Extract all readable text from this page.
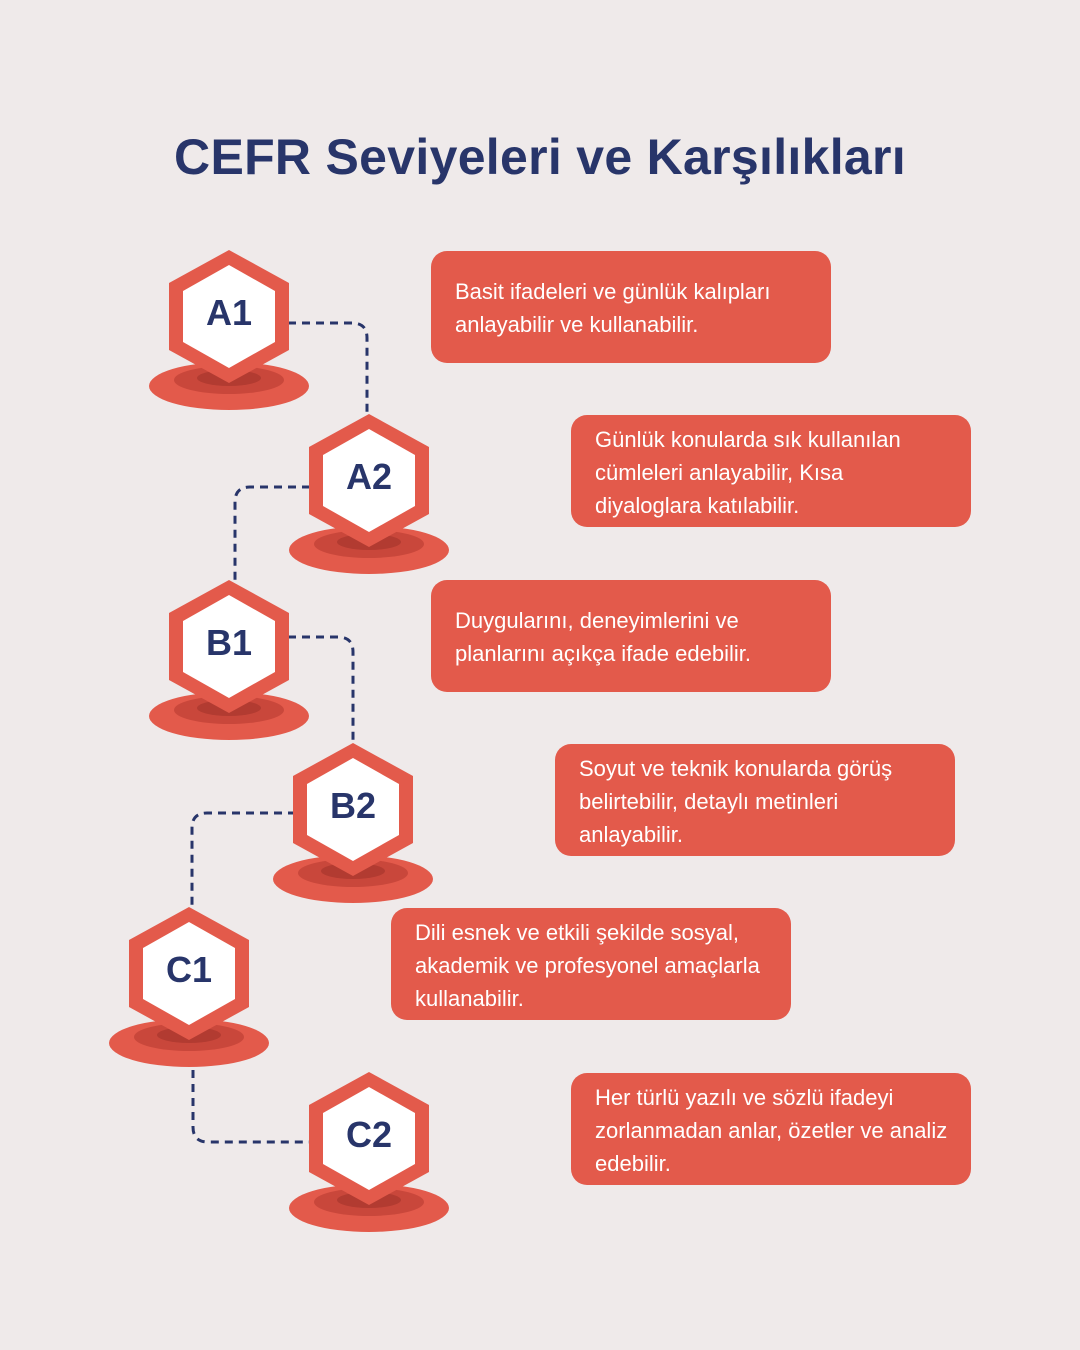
CEFR Seviyeleri ve Karşılıkları
A1
A2
B1
B2
C1
C2
Basit ifadeleri ve günlük kalıpları anlayabilir ve kullanabilir.
Günlük konularda sık kullanılan cümleleri anlayabilir, Kısa diyaloglara katılabilir.
Duygularını, deneyimlerini ve planlarını açıkça ifade edebilir.
Soyut ve teknik konularda görüş belirtebilir, detaylı metinleri anlayabilir.
Dili esnek ve etkili şekilde sosyal, akademik ve profesyonel amaçlarla kullanabilir.
Her türlü yazılı ve sözlü ifadeyi zorlanmadan anlar, özetler ve analiz edebilir.
